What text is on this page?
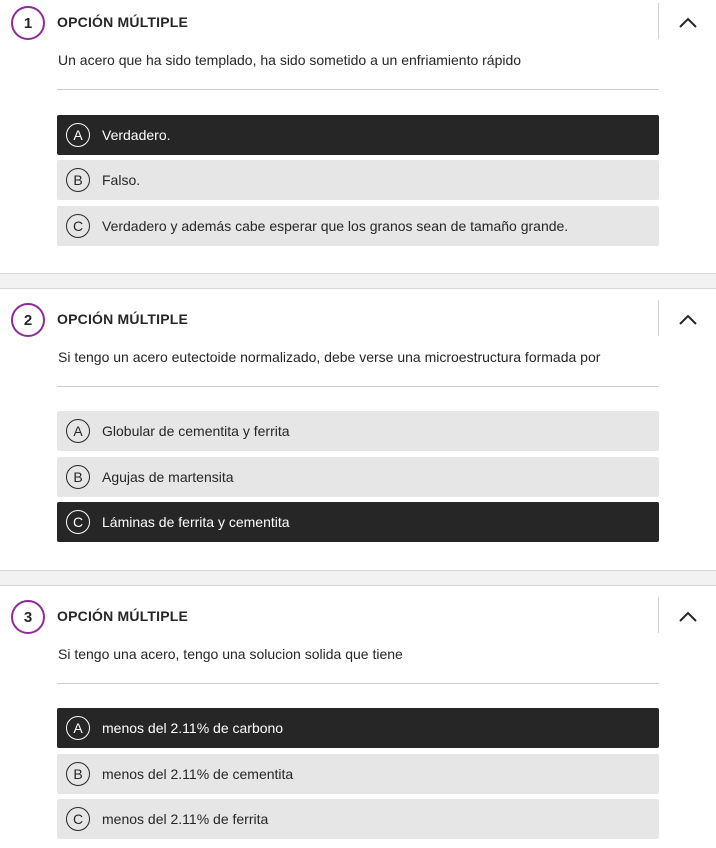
1	OPCIÓN MÚLTIPLE
Un acero que ha sido templado, ha sido sometido a un enfriamiento rápido
A	Verdadero.
B	Falso.
C	Verdadero y además cabe esperar que los granos sean de tamaño grande.
2	OPCIÓN MÚLTIPLE
Si tengo un acero eutectoide normalizado, debe verse una microestructura formada por
A	Globular de cementita y ferrita
B	Agujas de martensita
C	Láminas de ferrita y cementita
3	OPCIÓN MÚLTIPLE
Si tengo una acero, tengo una solucion solida que tiene
A	menos del 2.11% de carbono
B	menos del 2.11% de cementita
C	menos del 2.11% de ferrita
